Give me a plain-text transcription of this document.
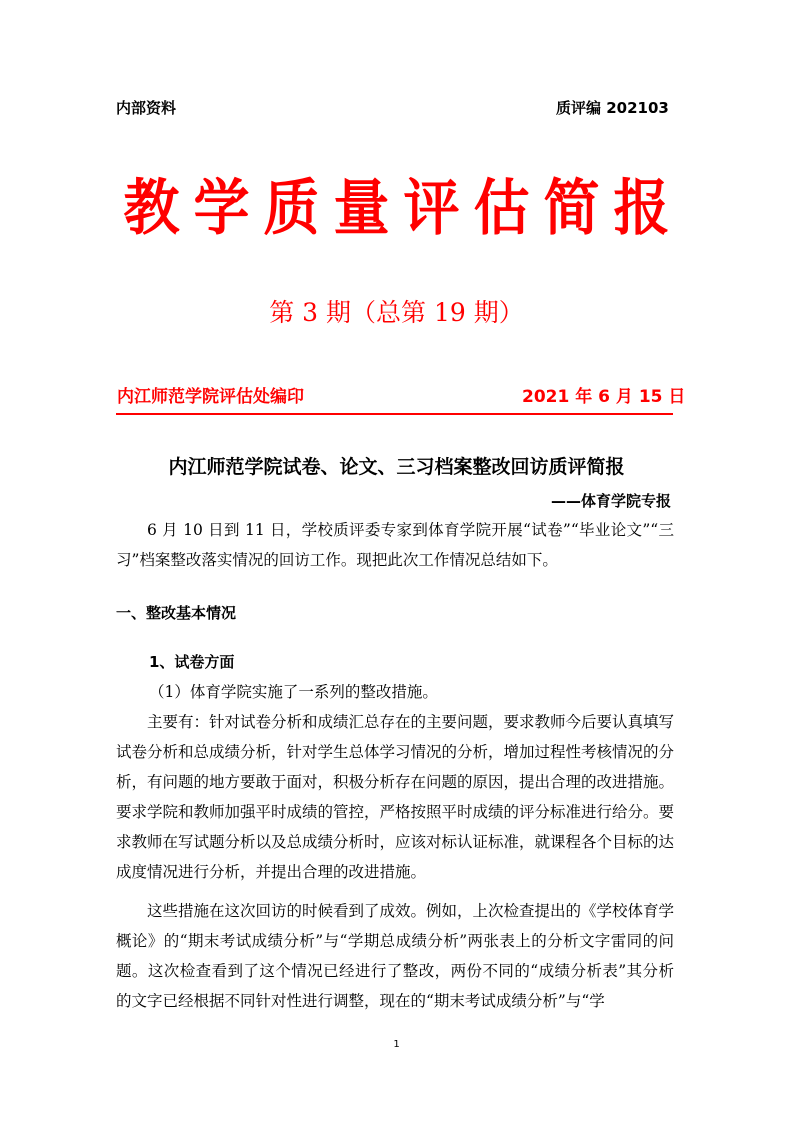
内部资料	质评编 202103
教学质量评估简报
第 3 期（总第 19 期）
内江师范学院评估处编印	2021 年 6 月 15 日
内江师范学院试卷、论文、三习档案整改回访质评简报
——体育学院专报
6 月 10 日到 11 日，学校质评委专家到体育学院开展“试卷”“毕业论文”“三习”档案整改落实情况的回访工作。现把此次工作情况总结如下。
一、整改基本情况
1、试卷方面
（1）体育学院实施了一系列的整改措施。
主要有：针对试卷分析和成绩汇总存在的主要问题，要求教师今后要认真填写试卷分析和总成绩分析，针对学生总体学习情况的分析，增加过程性考核情况的分析，有问题的地方要敢于面对，积极分析存在问题的原因，提出合理的改进措施。要求学院和教师加强平时成绩的管控，严格按照平时成绩的评分标准进行给分。要求教师在写试题分析以及总成绩分析时，应该对标认证标准，就课程各个目标的达成度情况进行分析，并提出合理的改进措施。
这些措施在这次回访的时候看到了成效。例如，上次检查提出的《学校体育学概论》的“期末考试成绩分析”与“学期总成绩分析”两张表上的分析文字雷同的问题。这次检查看到了这个情况已经进行了整改，两份不同的“成绩分析表”其分析的文字已经根据不同针对性进行调整，现在的“期末考试成绩分析”与“学
1
